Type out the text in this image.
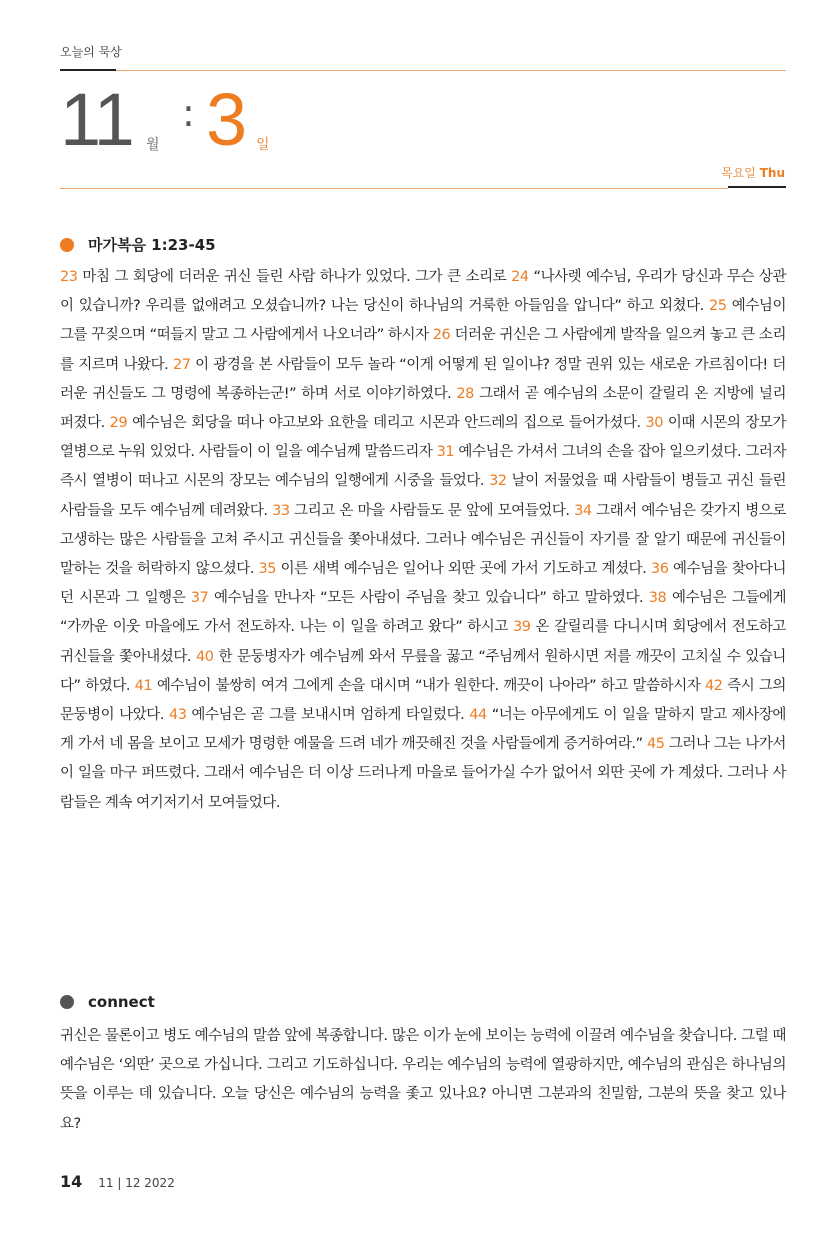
오늘의 묵상
11 월
: 3 일
목요일 Thu
마가복음 1:23-45
23 마침 그 회당에 더러운 귀신 들린 사람 하나가 있었다. 그가 큰 소리로 24 “나사렛 예수님, 우리가 당신과 무슨 상관이 있습니까? 우리를 없애려고 오셨습니까? 나는 당신이 하나님의 거룩한 아들임을 압니다” 하고 외쳤다. 25 예수님이 그를 꾸짖으며 “떠들지 말고 그 사람에게서 나오너라” 하시자 26 더러운 귀신은 그 사람에게 발작을 일으켜 놓고 큰 소리를 지르며 나왔다. 27 이 광경을 본 사람들이 모두 놀라 “이게 어떻게 된 일이냐? 정말 권위 있는 새로운 가르침이다! 더러운 귀신들도 그 명령에 복종하는군!” 하며 서로 이야기하였다. 28 그래서 곧 예수님의 소문이 갈릴리 온 지방에 널리 퍼졌다. 29 예수님은 회당을 떠나 야고보와 요한을 데리고 시몬과 안드레의 집으로 들어가셨다. 30 이때 시몬의 장모가 열병으로 누워 있었다. 사람들이 이 일을 예수님께 말씀드리자 31 예수님은 가셔서 그녀의 손을 잡아 일으키셨다. 그러자 즉시 열병이 떠나고 시몬의 장모는 예수님의 일행에게 시중을 들었다. 32 날이 저물었을 때 사람들이 병들고 귀신 들린 사람들을 모두 예수님께 데려왔다. 33 그리고 온 마을 사람들도 문 앞에 모여들었다. 34 그래서 예수님은 갖가지 병으로 고생하는 많은 사람들을 고쳐 주시고 귀신들을 쫓아내셨다. 그러나 예수님은 귀신들이 자기를 잘 알기 때문에 귀신들이 말하는 것을 허락하지 않으셨다. 35 이른 새벽 예수님은 일어나 외딴 곳에 가서 기도하고 계셨다. 36 예수님을 찾아다니던 시몬과 그 일행은 37 예수님을 만나자 “모든 사람이 주님을 찾고 있습니다” 하고 말하였다. 38 예수님은 그들에게 “가까운 이웃 마을에도 가서 전도하자. 나는 이 일을 하려고 왔다” 하시고 39 온 갈릴리를 다니시며 회당에서 전도하고 귀신들을 쫓아내셨다. 40 한 문둥병자가 예수님께 와서 무릎을 꿇고 “주님께서 원하시면 저를 깨끗이 고치실 수 있습니다” 하였다. 41 예수님이 불쌍히 여겨 그에게 손을 대시며 “내가 원한다. 깨끗이 나아라” 하고 말씀하시자 42 즉시 그의 문둥병이 나았다. 43 예수님은 곧 그를 보내시며 엄하게 타일렀다. 44 “너는 아무에게도 이 일을 말하지 말고 제사장에게 가서 네 몸을 보이고 모세가 명령한 예물을 드려 네가 깨끗해진 것을 사람들에게 증거하여라.” 45 그러나 그는 나가서 이 일을 마구 퍼뜨렸다. 그래서 예수님은 더 이상 드러나게 마을로 들어가실 수가 없어서 외딴 곳에 가 계셨다. 그러나 사람들은 계속 여기저기서 모여들었다.
connect
귀신은 물론이고 병도 예수님의 말씀 앞에 복종합니다. 많은 이가 눈에 보이는 능력에 이끌려 예수님을 찾습니다. 그럴 때 예수님은 ‘외딴’ 곳으로 가십니다. 그리고 기도하십니다. 우리는 예수님의 능력에 열광하지만, 예수님의 관심은 하나님의 뜻을 이루는 데 있습니다. 오늘 당신은 예수님의 능력을 좇고 있나요? 아니면 그분과의 친밀함, 그분의 뜻을 찾고 있나요?
14 11 | 12 2022
